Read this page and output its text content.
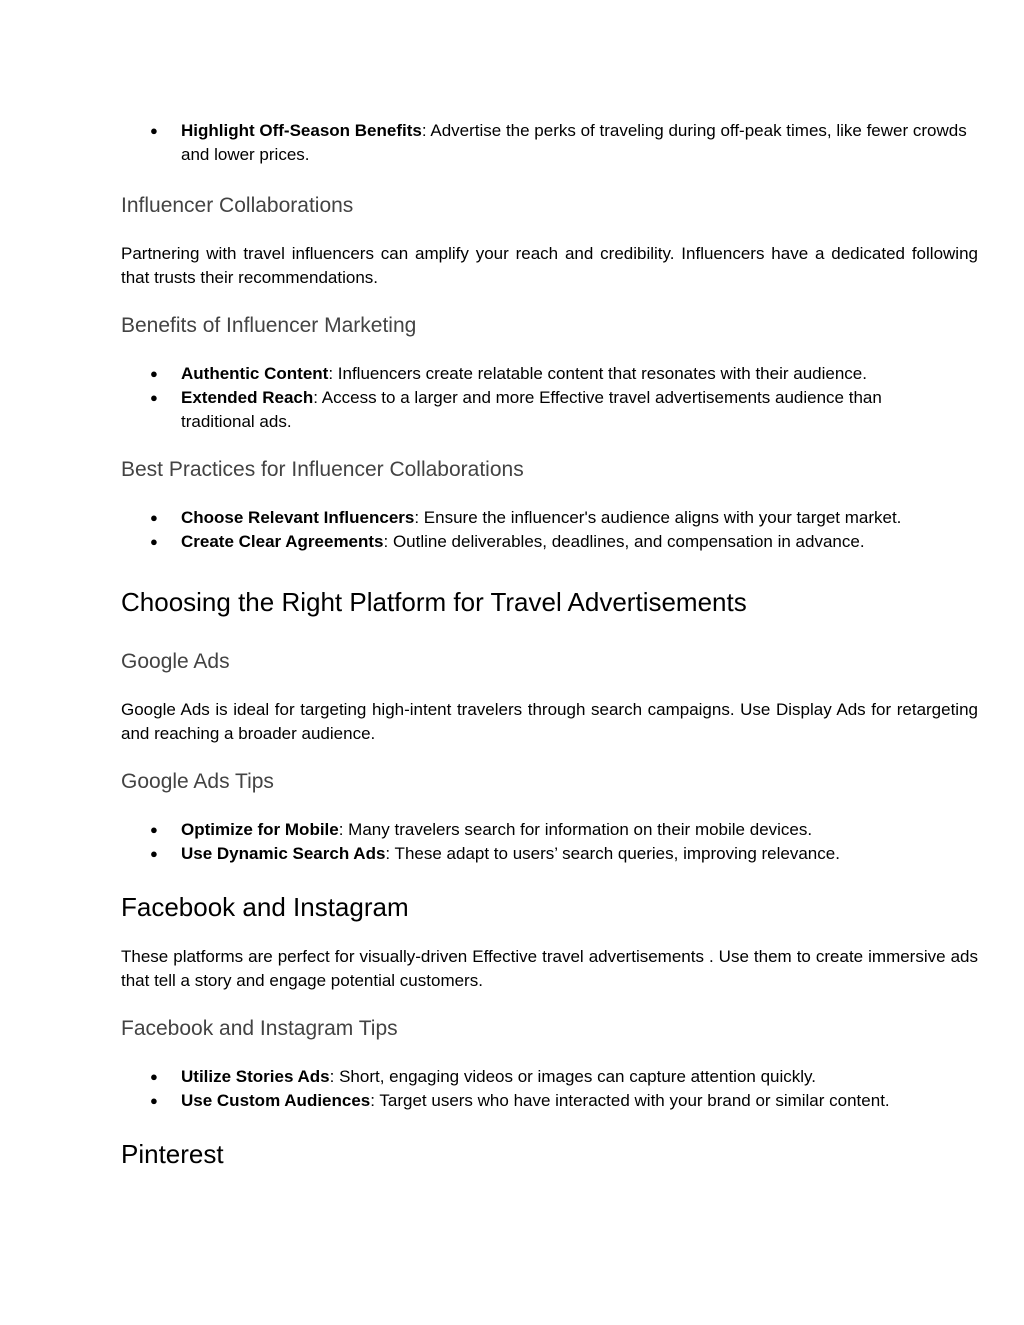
● Highlight Off-Season Benefits: Advertise the perks of traveling during off-peak times, like fewer crowds and lower prices.
Influencer Collaborations

Partnering with travel influencers can amplify your reach and credibility. Influencers have a dedicated following that trusts their recommendations.

Benefits of Influencer Marketing
● Authentic Content: Influencers create relatable content that resonates with their audience.
● Extended Reach: Access to a larger and more Effective travel advertisements audience than traditional ads.
Best Practices for Influencer Collaborations
● Choose Relevant Influencers: Ensure the influencer's audience aligns with your target market.
● Create Clear Agreements: Outline deliverables, deadlines, and compensation in advance.
Choosing the Right Platform for Travel Advertisements
Google Ads

Google Ads is ideal for targeting high-intent travelers through search campaigns. Use Display Ads for retargeting and reaching a broader audience.

Google Ads Tips
● Optimize for Mobile: Many travelers search for information on their mobile devices.
● Use Dynamic Search Ads: These adapt to users’ search queries, improving relevance.
Facebook and Instagram

These platforms are perfect for visually-driven Effective travel advertisements . Use them to create immersive ads that tell a story and engage potential customers.

Facebook and Instagram Tips
● Utilize Stories Ads: Short, engaging videos or images can capture attention quickly.
● Use Custom Audiences: Target users who have interacted with your brand or similar content.
Pinterest
